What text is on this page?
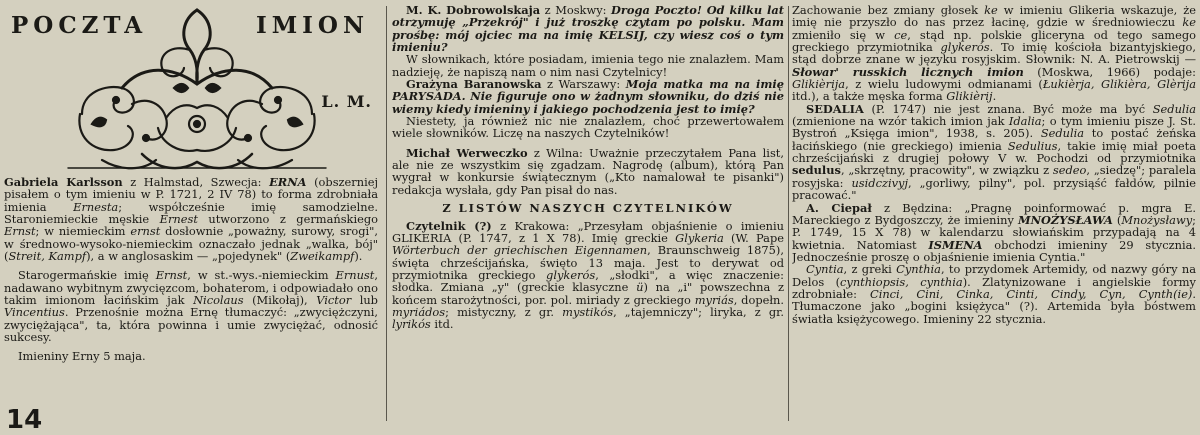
POCZTA	IMION
L. M.

Gabriela Karlsson z Halmstad, Szwecja: ERNA (obszerniej pisałem o tym imieniu w P. 1721, 2 IV 78) to forma zdrobniała imienia Ernesta; współcześnie imię samodzielne. Staroniemieckie męskie Ernest utworzono z germańskiego Ernst; w niemieckim ernst dosłownie „poważny, surowy, srogi", w średnowo-wysoko-niemieckim oznaczało jednak „walka, bój" (Streit, Kampf), a w anglosaskim — „pojedynek" (Zweikampf).

Starogermańskie imię Ernst, w st.-wys.-niemieckim Ernust, nadawano wybitnym zwycięzcom, bohaterom, i odpowiadało ono takim imionom łacińskim jak Nicolaus (Mikołaj), Victor lub Vincentius. Przenośnie można Ernę tłumaczyć: „zwyciężczyni, zwyciężająca", ta, która powinna i umie zwyciężać, odnosić sukcesy.

Imieniny Erny 5 maja.

M. K. Dobrowolskaja z Moskwy: Droga Poczto! Od kilku lat otrzymuję „Przekrój" i już troszkę czytam po polsku. Mam prośbę: mój ojciec ma na imię KELSIJ, czy wiesz coś o tym imieniu?

W słownikach, które posiadam, imienia tego nie znalazłem. Mam nadzieję, że napiszą nam o nim nasi Czytelnicy!

Grażyna Baranowska z Warszawy: Moja matka ma na imię PARYSADA. Nie figuruje ono w żadnym słowniku, do dziś nie wiemy kiedy imieniny i jakiego pochodzenia jest to imię?

Niestety, ja również nic nie znalazłem, choć przewertowałem wiele słowników. Liczę na naszych Czytelników!

Michał Werweczko z Wilna: Uważnie przeczytałem Pana list, ale nie ze wszystkim się zgadzam. Nagrodę (album), którą Pan wygrał w konkursie świątecznym („Kto namalował te pisanki") redakcja wysłała, gdy Pan pisał do nas.

Z LISTÓW NASZYCH CZYTELNIKÓW

Czytelnik (?) z Krakowa: „Przesyłam objaśnienie o imieniu GLIKERIA (P. 1747, z 1 X 78). Imię greckie Glykeria (W. Pape Wörterbuch der griechischen Eigennamen, Braunschweig 1875), święta chrześcijańska, święto 13 maja. Jest to derywat od przymiotnika greckiego glykerós, „słodki", a więc znaczenie: słodka. Zmiana „y" (greckie klasyczne ü) na „i" powszechna z końcem starożytności, por. pol. miriady z greckiego myriás, dopełn. myriádos; mistyczny, z gr. mystikós, „tajemniczy"; liryka, z gr. lyrikós itd.

Zachowanie bez zmiany głosek ke w imieniu Glikeria wskazuje, że imię nie przyszło do nas przez łacinę, gdzie w średniowieczu ke zmieniło się w ce, stąd np. polskie gliceryna od tego samego greckiego przymiotnika glykerós. To imię kościoła bizantyjskiego, stąd dobrze znane w języku rosyjskim. Słownik: N. A. Pietrowskij — Słowar' russkich licznych imion (Moskwa, 1966) podaje: Glikièrija, z wielu ludowymi odmianami (Łukièrja, Glikièra, Glèrija itd.), a także męska forma Glikièrij.

SEDALIA (P. 1747) nie jest znana. Być może ma być Sedulia (zmienione na wzór takich imion jak Idalia; o tym imieniu pisze J. St. Bystroń „Księga imion", 1938, s. 205). Sedulia to postać żeńska łacińskiego (nie greckiego) imienia Sedulius, takie imię miał poeta chrześcijański z drugiej połowy V w. Pochodzi od przymiotnika sedulus, „skrzętny, pracowity", w związku z sedeo, „siedzę"; paralela rosyjska: usidczivyj, „gorliwy, pilny", pol. przysiąść fałdów, pilnie pracować."

A. Ciepał z Będzina: „Pragnę poinformować p. mgra E. Mareckiego z Bydgoszczy, że imieniny MNOŻYSŁAWA (Mnożysławy; P. 1749, 15 X 78) w kalendarzu słowiańskim przypadają na 4 kwietnia. Natomiast ISMENA obchodzi imieniny 29 stycznia. Jednocześnie proszę o objaśnienie imienia Cyntia."

Cyntia, z greki Cynthia, to przydomek Artemidy, od nazwy góry na Delos (cynthiopsis, cynthia). Zlatynizowane i angielskie formy zdrobniałe: Cinci, Cini, Cinka, Cinti, Cindy, Cyn, Cynth(ie). Tłumaczone jako „bogini księżyca" (?). Artemida była bóstwem światła księżycowego. Imieniny 22 stycznia.

14
